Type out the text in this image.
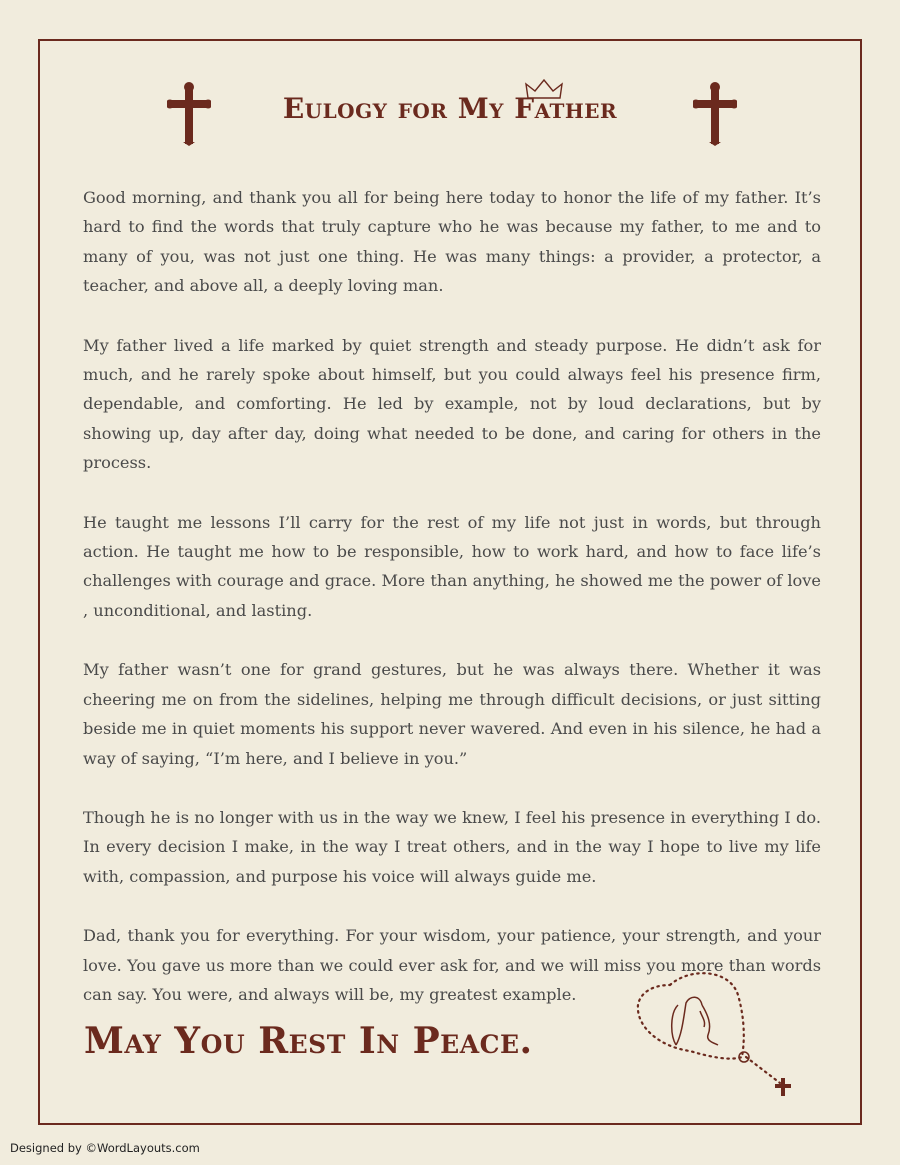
Eulogy for My Father

Good morning, and thank you all for being here today to honor the life of my father. It’s hard to find the words that truly capture who he was because my father, to me and to many of you, was not just one thing. He was many things: a provider, a protector, a teacher, and above all, a deeply loving man.

My father lived a life marked by quiet strength and steady purpose. He didn’t ask for much, and he rarely spoke about himself, but you could always feel his presence firm, dependable, and comforting. He led by example, not by loud declarations, but by showing up, day after day, doing what needed to be done, and caring for others in the process.

He taught me lessons I’ll carry for the rest of my life not just in words, but through action. He taught me how to be responsible, how to work hard, and how to face life’s challenges with courage and grace. More than anything, he showed me the power of love , unconditional, and lasting.

My father wasn’t one for grand gestures, but he was always there. Whether it was cheering me on from the sidelines, helping me through difficult decisions, or just sitting beside me in quiet moments his support never wavered. And even in his silence, he had a way of saying, “I’m here, and I believe in you.”

Though he is no longer with us in the way we knew, I feel his presence in everything I do. In every decision I make, in the way I treat others, and in the way I hope to live my life with, compassion, and purpose his voice will always guide me.

Dad, thank you for everything. For your wisdom, your patience, your strength, and your love. You gave us more than we could ever ask for, and we will miss you more than words can say. You were, and always will be, my greatest example.

May You Rest In Peace.
Designed by ©WordLayouts.com
